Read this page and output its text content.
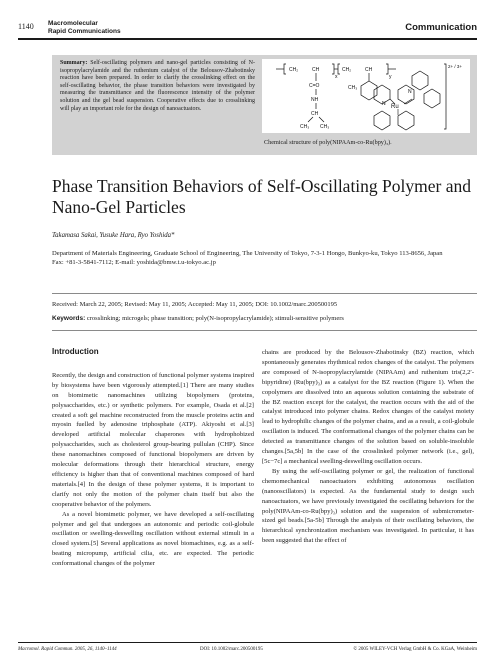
1140 Macromolecular
Rapid Communications	Communication
Summary: Self-oscillating polymers and nano-gel particles consisting of N-isopropylacrylamide and the ruthenium catalyst of the Belousov-Zhabotinsky reaction have been prepared. In order to clarify the crosslinking effect on the self-oscillating behavior, the phase transition behaviors were investigated by measuring the transmittance and the fluorescence intensity of the polymer solution and the gel bead suspension. Cooperative effects due to crosslinking will play an important role for the design of nanoactuators.
CH₂	CH
x
CH₂	CH
y
C=O
NH
CH
CH₃ CH₃
CH₃
N
N
Ru
2+ / 3+
Chemical structure of poly(NIPAAm-co-Ru(bpy)₃).
Phase Transition Behaviors of Self-Oscillating Polymer and Nano-Gel Particles
Takamasa Sakai, Yusuke Hara, Ryo Yoshida*
Department of Materials Engineering, Graduate School of Engineering, The University of Tokyo, 7-3-1 Hongo, Bunkyo-ku, Tokyo 113-8656, Japan
Fax: +81-3-5841-7112; E-mail: yoshida@bmw.t.u-tokyo.ac.jp
Received: March 22, 2005; Revised: May 11, 2005; Accepted: May 11, 2005; DOI: 10.1002/marc.200500195
Keywords: crosslinking; microgels; phase transition; poly(N-isopropylacrylamide); stimuli-sensitive polymers
Introduction

Recently, the design and construction of functional polymer systems inspired by biosystems have been vigorously attempted.[1] There are many studies on biomimetic nanomachines utilizing biopolymers (proteins, polysaccharides, etc.) or synthetic polymers. For example, Osada et al.[2] created a soft gel machine reconstructed from the muscle proteins actin and myosin fuelled by adenosine triphosphate (ATP). Akiyoshi et al.[3] developed artificial molecular chaperones with hydrophobized polysaccharides, such as cholesterol group-bearing pullulan (CHP). Since these nanomachines composed of functional biopolymers are driven by molecular deformations through their hierarchical structure, energy efficiency is higher than that of conventional machines composed of hard materials.[4] In the design of these polymer systems, it is important to clarify not only the motion of the polymer chain itself but also the cooperative behavior of the polymers.

As a novel biomimetic polymer, we have developed a self-oscillating polymer and gel that undergoes an autonomic and periodic coil-globule oscillation or swelling-deswelling oscillation without external stimuli in a closed system.[5] Several applications as novel biomachines, e.g. as a self-beating micropump, artificial cilia, etc. are expected. The periodic conformational changes of the polymer

chains are produced by the Belousov-Zhabotinsky (BZ) reaction, which spontaneously generates rhythmical redox changes of the catalyst. The polymers are composed of N-isopropylacrylamide (NIPAAm) and ruthenium tris(2,2′-bipyridine) (Ru(bpy)₃) as a catalyst for the BZ reaction (Figure 1). When the copolymers are dissolved into an aqueous solution containing the substrate of the BZ reaction except for the catalyst, the reaction occurs with the aid of the catalyst introduced into polymer chains. Redox changes of the catalyst moiety lead to hydrophilic changes of the polymer chains, and as a result, a coil-globule oscillation is induced. The conformational changes of the polymer chains can be detected as transmittance changes of the solution based on soluble-insoluble changes.[5a,5b] In the case of the crosslinked polymer network (i.e., gel),[5c−7c] a mechanical swelling-deswelling oscillation occurs.

By using the self-oscillating polymer or gel, the realization of functional chemomechanical nanoactuators exhibiting autonomous oscillation (nanooscillators) is expected. As the fundamental study to design such nanoactuators, we have previously investigated the oscillating behaviors for the poly(NIPAAm-co-Ru(bpy)₃) solution and the suspension of submicrometer-sized gel beads.[5a-5b] Through the analysis of their oscillating behaviors, the hierarchical synchronization mechanism was investigated. In particular, it has been suggested that the effect of

Macromol. Rapid Commun. 2005, 26, 1140–1144	DOI: 10.1002/marc.200500195	© 2005 WILEY-VCH Verlag GmbH & Co. KGaA, Weinheim
